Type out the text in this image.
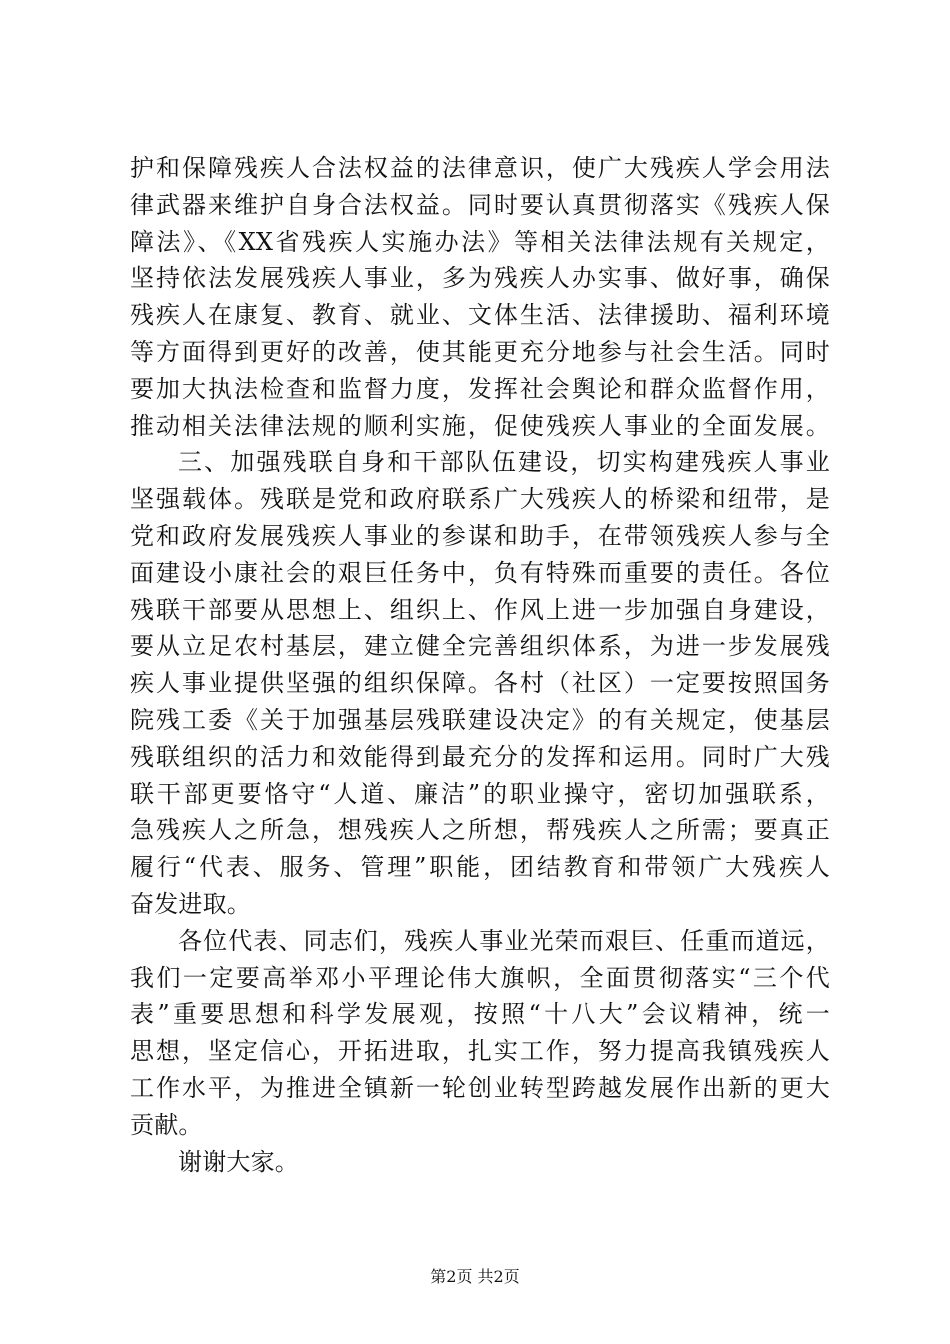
护和保障残疾人合法权益的法律意识，使广大残疾人学会用法
律武器来维护自身合法权益。同时要认真贯彻落实《残疾人保
障法》、《XX省残疾人实施办法》等相关法律法规有关规定，
坚持依法发展残疾人事业，多为残疾人办实事、做好事，确保
残疾人在康复、教育、就业、文体生活、法律援助、福利环境
等方面得到更好的改善，使其能更充分地参与社会生活。同时
要加大执法检查和监督力度，发挥社会舆论和群众监督作用，
推动相关法律法规的顺利实施，促使残疾人事业的全面发展。
三、加强残联自身和干部队伍建设，切实构建残疾人事业
坚强载体。残联是党和政府联系广大残疾人的桥梁和纽带，是
党和政府发展残疾人事业的参谋和助手，在带领残疾人参与全
面建设小康社会的艰巨任务中，负有特殊而重要的责任。各位
残联干部要从思想上、组织上、作风上进一步加强自身建设，
要从立足农村基层，建立健全完善组织体系，为进一步发展残
疾人事业提供坚强的组织保障。各村（社区）一定要按照国务
院残工委《关于加强基层残联建设决定》的有关规定，使基层
残联组织的活力和效能得到最充分的发挥和运用。同时广大残
联干部更要恪守“人道、廉洁”的职业操守，密切加强联系，
急残疾人之所急，想残疾人之所想，帮残疾人之所需；要真正
履行“代表、服务、管理”职能，团结教育和带领广大残疾人
奋发进取。
各位代表、同志们，残疾人事业光荣而艰巨、任重而道远，
我们一定要高举邓小平理论伟大旗帜，全面贯彻落实“三个代
表”重要思想和科学发展观，按照“十八大”会议精神，统一
思想，坚定信心，开拓进取，扎实工作，努力提高我镇残疾人
工作水平，为推进全镇新一轮创业转型跨越发展作出新的更大
贡献。
谢谢大家。
第2页 共2页
